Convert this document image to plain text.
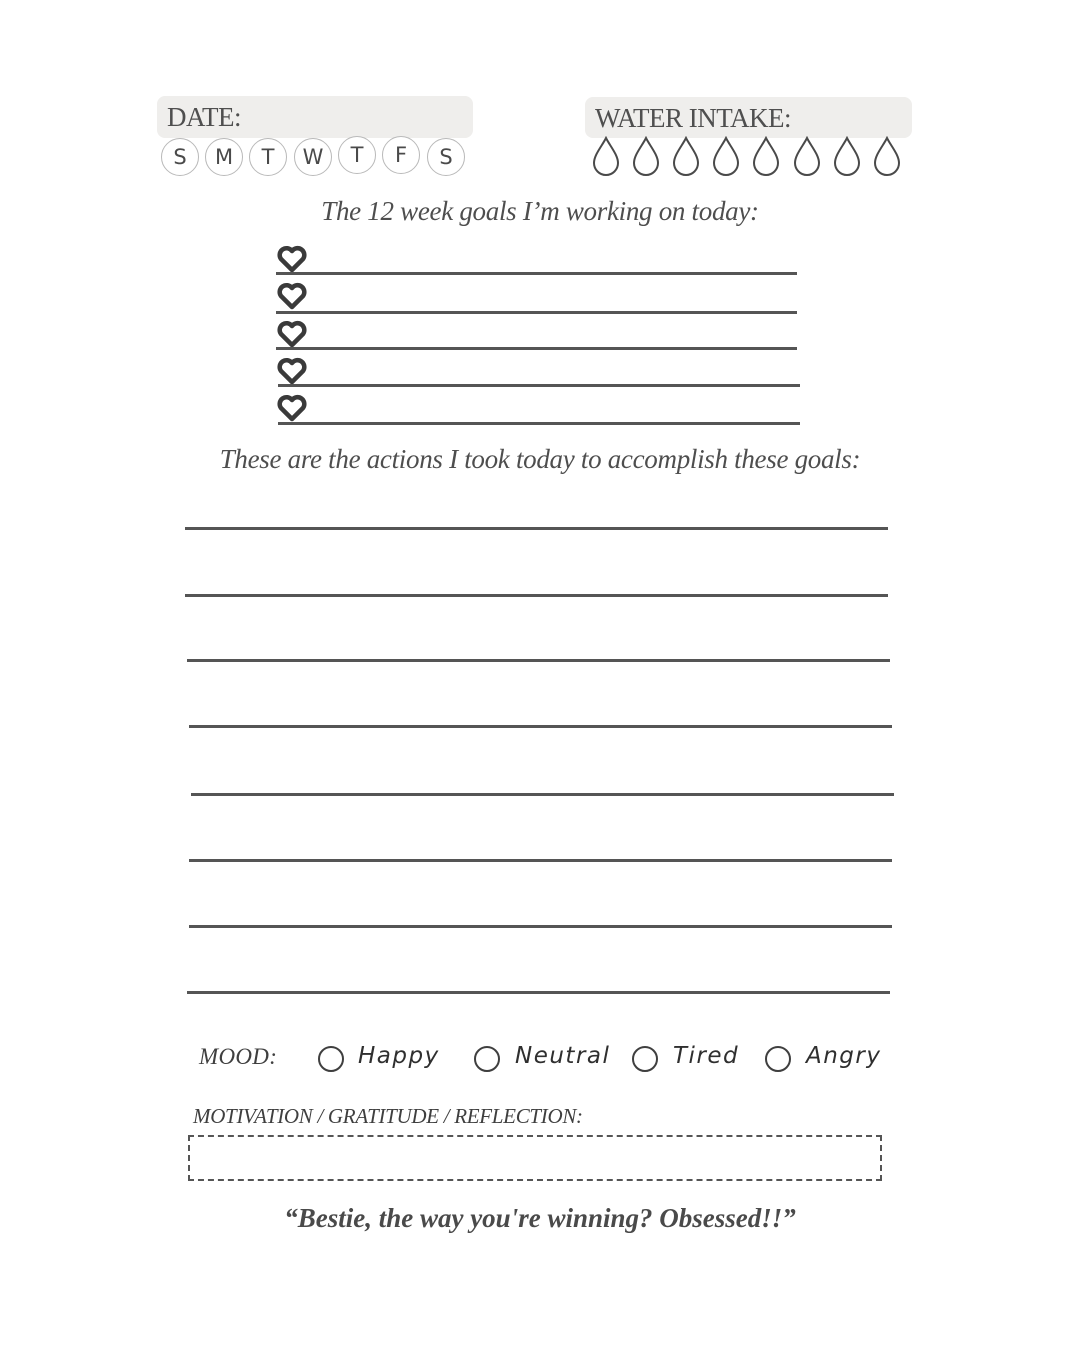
DATE:
S	M	T	W	T	F	S
WATER INTAKE:
The 12 week goals I’m working on today:
These are the actions I took today to accomplish these goals:
MOOD:	Happy	Neutral	Tired	Angry
MOTIVATION / GRATITUDE / REFLECTION:
“Bestie, the way you're winning? Obsessed!!”
